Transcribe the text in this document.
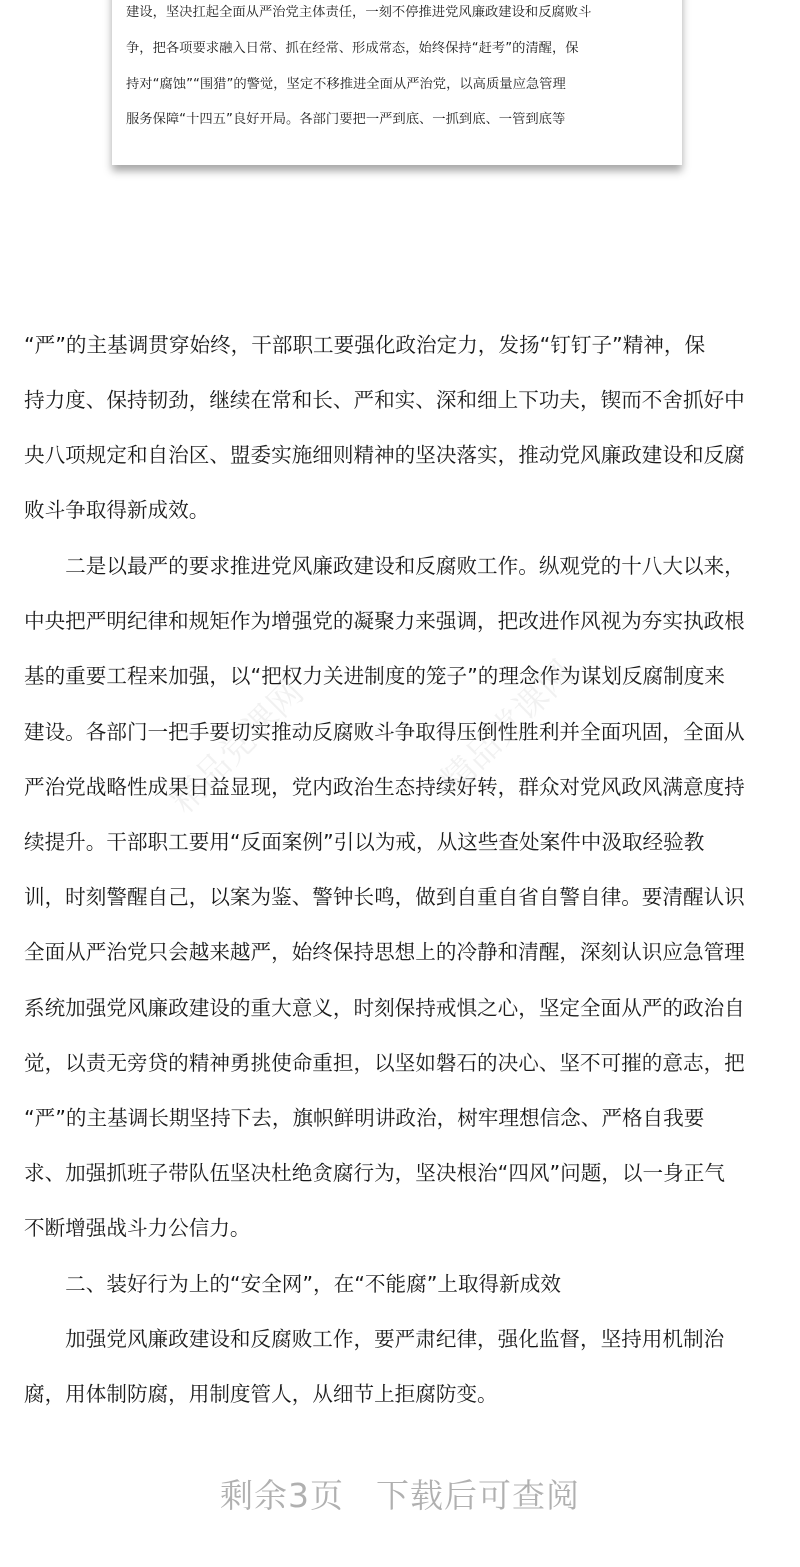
建设，坚决扛起全面从严治党主体责任，一刻不停推进党风廉政建设和反腐败斗
争，把各项要求融入日常、抓在经常、形成常态，始终保持“赶考”的清醒，保
持对“腐蚀”“围猎”的警觉，坚定不移推进全面从严治党，以高质量应急管理
服务保障“十四五”良好开局。各部门要把一严到底、一抓到底、一管到底等
精品党课网	精品党课网
“严”的主基调贯穿始终，干部职工要强化政治定力，发扬“钉钉子”精神，保
持力度、保持韧劲，继续在常和长、严和实、深和细上下功夫，锲而不舍抓好中
央八项规定和自治区、盟委实施细则精神的坚决落实，推动党风廉政建设和反腐
败斗争取得新成效。
　　二是以最严的要求推进党风廉政建设和反腐败工作。纵观党的十八大以来，
中央把严明纪律和规矩作为增强党的凝聚力来强调，把改进作风视为夯实执政根
基的重要工程来加强，以“把权力关进制度的笼子”的理念作为谋划反腐制度来
建设。各部门一把手要切实推动反腐败斗争取得压倒性胜利并全面巩固，全面从
严治党战略性成果日益显现，党内政治生态持续好转，群众对党风政风满意度持
续提升。干部职工要用“反面案例”引以为戒，从这些查处案件中汲取经验教
训，时刻警醒自己，以案为鉴、警钟长鸣，做到自重自省自警自律。要清醒认识
全面从严治党只会越来越严，始终保持思想上的冷静和清醒，深刻认识应急管理
系统加强党风廉政建设的重大意义，时刻保持戒惧之心，坚定全面从严的政治自
觉，以责无旁贷的精神勇挑使命重担，以坚如磐石的决心、坚不可摧的意志，把
“严”的主基调长期坚持下去，旗帜鲜明讲政治，树牢理想信念、严格自我要
求、加强抓班子带队伍坚决杜绝贪腐行为，坚决根治“四风”问题，以一身正气
不断增强战斗力公信力。
　　二、装好行为上的“安全网”，在“不能腐”上取得新成效
　　加强党风廉政建设和反腐败工作，要严肃纪律，强化监督，坚持用机制治
腐，用体制防腐，用制度管人，从细节上拒腐防变。
剩余3页 下载后可查阅
